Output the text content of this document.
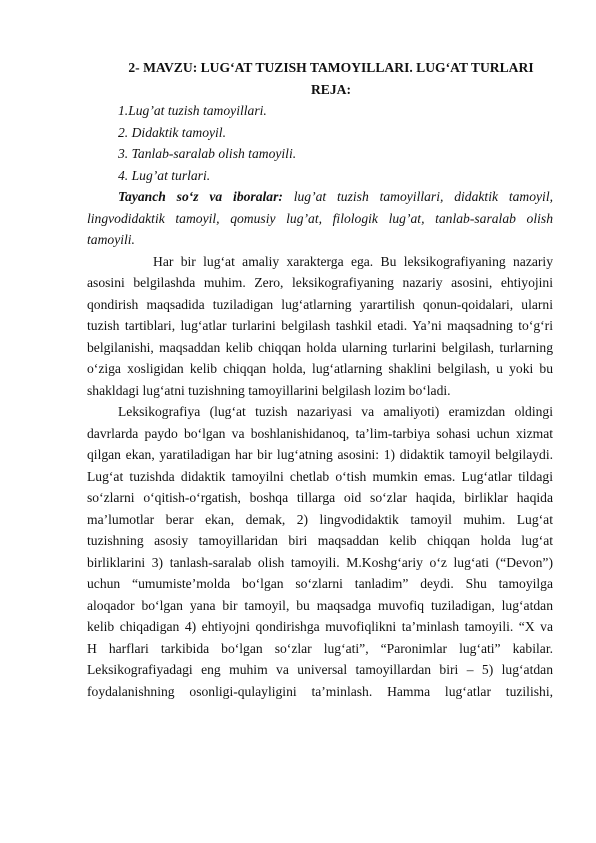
2- MAVZU: LUG‘AT TUZISH TAMOYILLARI. LUG‘AT TURLARI
REJA:
1.Lug’at tuzish tamoyillari.
2. Didaktik tamoyil.
3. Tanlab-saralab olish tamoyili.
4. Lug’at turlari.
Tayanch so‘z va iboralar: lug’at tuzish tamoyillari, didaktik tamoyil,
lingvodidaktik tamoyil, qomusiy lug’at, filologik lug’at, tanlab-saralab olish
tamoyili.
Har bir lug‘at amaliy xarakterga ega. Bu leksikografiyaning nazariy
asosini belgilashda muhim. Zero, leksikografiyaning nazariy asosini, ehtiyojini
qondirish maqsadida tuziladigan lug‘atlarning yarartilish qonun-qoidalari, ularni
tuzish tartiblari, lug‘atlar turlarini belgilash tashkil etadi. Ya’ni maqsadning to‘g‘ri
belgilanishi, maqsaddan kelib chiqqan holda ularning turlarini belgilash, turlarning
o‘ziga xosligidan kelib chiqqan holda, lug‘atlarning shaklini belgilash, u yoki bu
shakldagi lug‘atni tuzishning tamoyillarini belgilash lozim bo‘ladi.
Leksikografiya (lug‘at tuzish nazariyasi va amaliyoti) eramizdan oldingi
davrlarda paydo bo‘lgan va boshlanishidanoq, ta’lim-tarbiya sohasi uchun xizmat
qilgan ekan, yaratiladigan har bir lug‘atning asosini: 1) didaktik tamoyil belgilaydi.
Lug‘at tuzishda didaktik tamoyilni chetlab o‘tish mumkin emas. Lug‘atlar tildagi
so‘zlarni o‘qitish-o‘rgatish, boshqa tillarga oid so‘zlar haqida, birliklar haqida
ma’lumotlar berar ekan, demak, 2) lingvodidaktik tamoyil muhim. Lug‘at
tuzishning asosiy tamoyillaridan biri maqsaddan kelib chiqqan holda lug‘at
birliklarini 3) tanlash-saralab olish tamoyili. M.Koshg‘ariy o‘z lug‘ati (“Devon”)
uchun “umumiste’molda bo‘lgan so‘zlarni tanladim” deydi. Shu tamoyilga
aloqador bo‘lgan yana bir tamoyil, bu maqsadga muvofiq tuziladigan, lug‘atdan
kelib chiqadigan 4) ehtiyojni qondirishga muvofiqlikni ta’minlash tamoyili. “X va
H harflari tarkibida bo‘lgan so‘zlar lug‘ati”, “Paronimlar lug‘ati” kabilar.
Leksikografiyadagi eng muhim va universal tamoyillardan biri – 5) lug‘atdan
foydalanishning osonligi-qulayligini ta’minlash. Hamma lug‘atlar tuzilishi,
